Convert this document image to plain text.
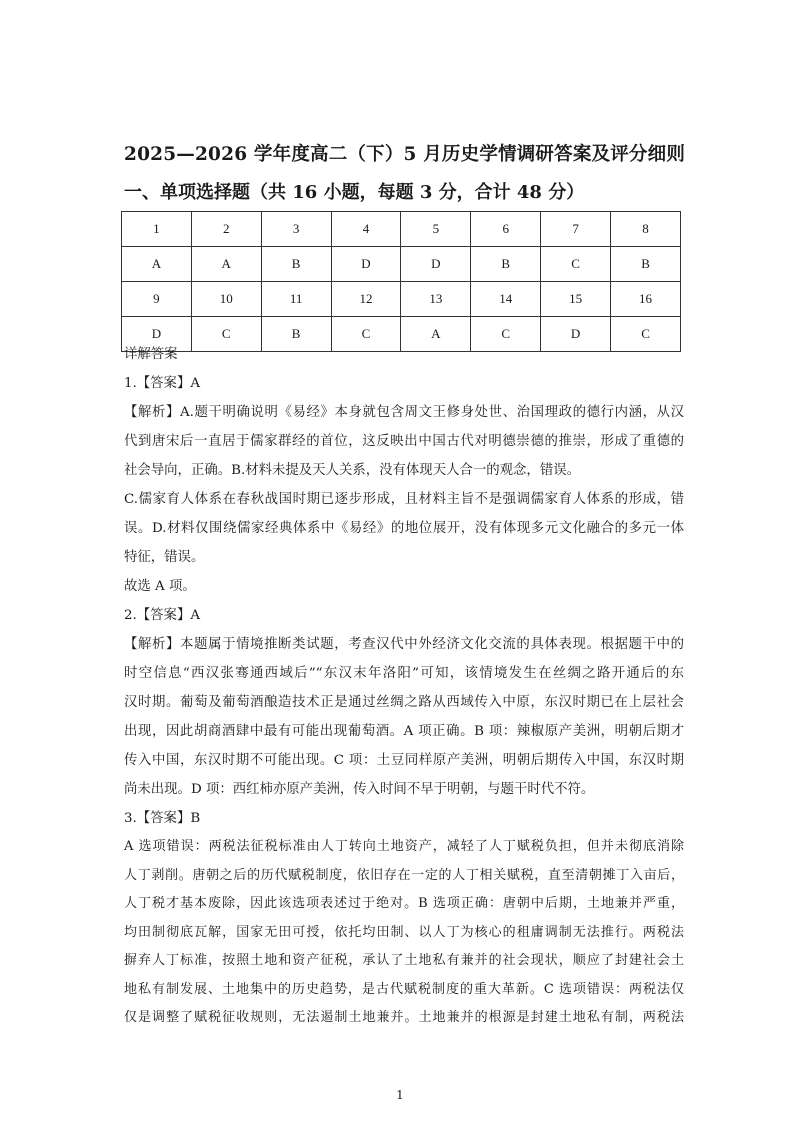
2025—2026 学年度高二（下）5 月历史学情调研答案及评分细则
一、单项选择题（共 16 小题，每题 3 分，合计 48 分）
1	2	3	4	5	6	7	8
A	A	B	D	D	B	C	B
9	10	11	12	13	14	15	16
D	C	B	C	A	C	D	C

详解答案

1.【答案】A

【解析】A.题干明确说明《易经》本身就包含周文王修身处世、治国理政的德行内涵，从汉

代到唐宋后一直居于儒家群经的首位，这反映出中国古代对明德崇德的推崇，形成了重德的

社会导向，正确。B.材料未提及天人关系，没有体现天人合一的观念，错误。

C.儒家育人体系在春秋战国时期已逐步形成，且材料主旨不是强调儒家育人体系的形成，错

误。D.材料仅围绕儒家经典体系中《易经》的地位展开，没有体现多元文化融合的多元一体

特征，错误。

故选 A 项。

2.【答案】A

【解析】本题属于情境推断类试题，考查汉代中外经济文化交流的具体表现。根据题干中的

时空信息“西汉张骞通西域后”“东汉末年洛阳”可知，该情境发生在丝绸之路开通后的东

汉时期。葡萄及葡萄酒酿造技术正是通过丝绸之路从西域传入中原，东汉时期已在上层社会

出现，因此胡商酒肆中最有可能出现葡萄酒。A 项正确。B 项：辣椒原产美洲，明朝后期才

传入中国，东汉时期不可能出现。C 项：土豆同样原产美洲，明朝后期传入中国，东汉时期

尚未出现。D 项：西红柿亦原产美洲，传入时间不早于明朝，与题干时代不符。

3.【答案】B

A 选项错误：两税法征税标准由人丁转向土地资产，减轻了人丁赋税负担，但并未彻底消除

人丁剥削。唐朝之后的历代赋税制度，依旧存在一定的人丁相关赋税，直至清朝摊丁入亩后，

人丁税才基本废除，因此该选项表述过于绝对。B 选项正确：唐朝中后期，土地兼并严重，

均田制彻底瓦解，国家无田可授，依托均田制、以人丁为核心的租庸调制无法推行。两税法

摒弃人丁标准，按照土地和资产征税，承认了土地私有兼并的社会现状，顺应了封建社会土

地私有制发展、土地集中的历史趋势，是古代赋税制度的重大革新。C 选项错误：两税法仅

仅是调整了赋税征收规则，无法遏制土地兼并。土地兼并的根源是封建土地私有制，两税法

1
